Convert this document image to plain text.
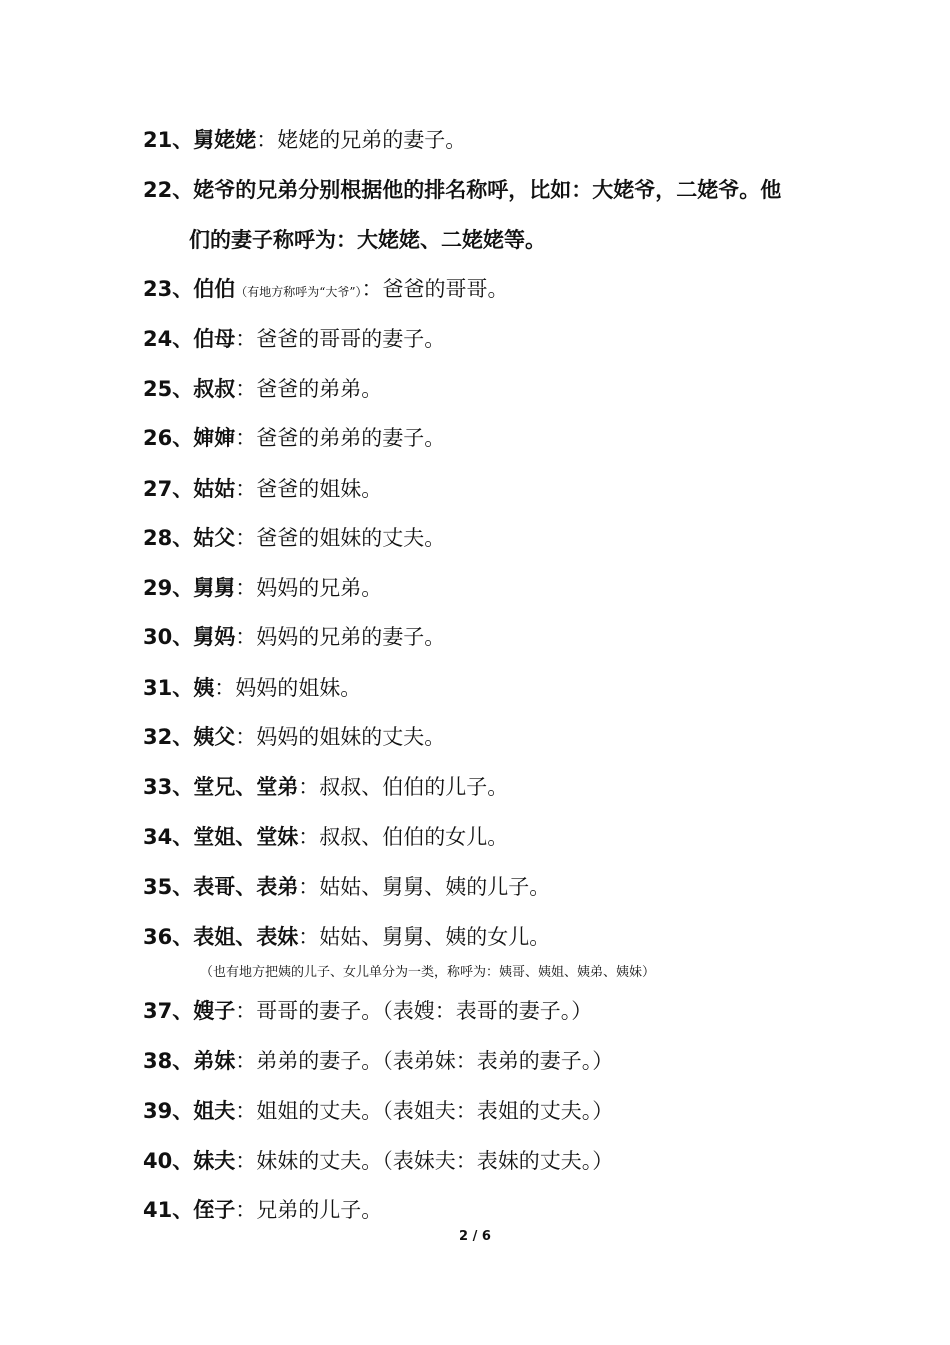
21、舅姥姥：姥姥的兄弟的妻子。
22、姥爷的兄弟分别根据他的排名称呼，比如：大姥爷，二姥爷。他
们的妻子称呼为：大姥姥、二姥姥等。
23、伯伯（有地方称呼为“大爷”）：爸爸的哥哥。
24、伯母：爸爸的哥哥的妻子。
25、叔叔：爸爸的弟弟。
26、婶婶：爸爸的弟弟的妻子。
27、姑姑：爸爸的姐妹。
28、姑父：爸爸的姐妹的丈夫。
29、舅舅：妈妈的兄弟。
30、舅妈：妈妈的兄弟的妻子。
31、姨：妈妈的姐妹。
32、姨父：妈妈的姐妹的丈夫。
33、堂兄、堂弟：叔叔、伯伯的儿子。
34、堂姐、堂妹：叔叔、伯伯的女儿。
35、表哥、表弟：姑姑、舅舅、姨的儿子。
36、表姐、表妹：姑姑、舅舅、姨的女儿。
（也有地方把姨的儿子、女儿单分为一类，称呼为：姨哥、姨姐、姨弟、姨妹）
37、嫂子：哥哥的妻子。（表嫂：表哥的妻子。）
38、弟妹：弟弟的妻子。（表弟妹：表弟的妻子。）
39、姐夫：姐姐的丈夫。（表姐夫：表姐的丈夫。）
40、妹夫：妹妹的丈夫。（表妹夫：表妹的丈夫。）
41、侄子：兄弟的儿子。
2 / 6
